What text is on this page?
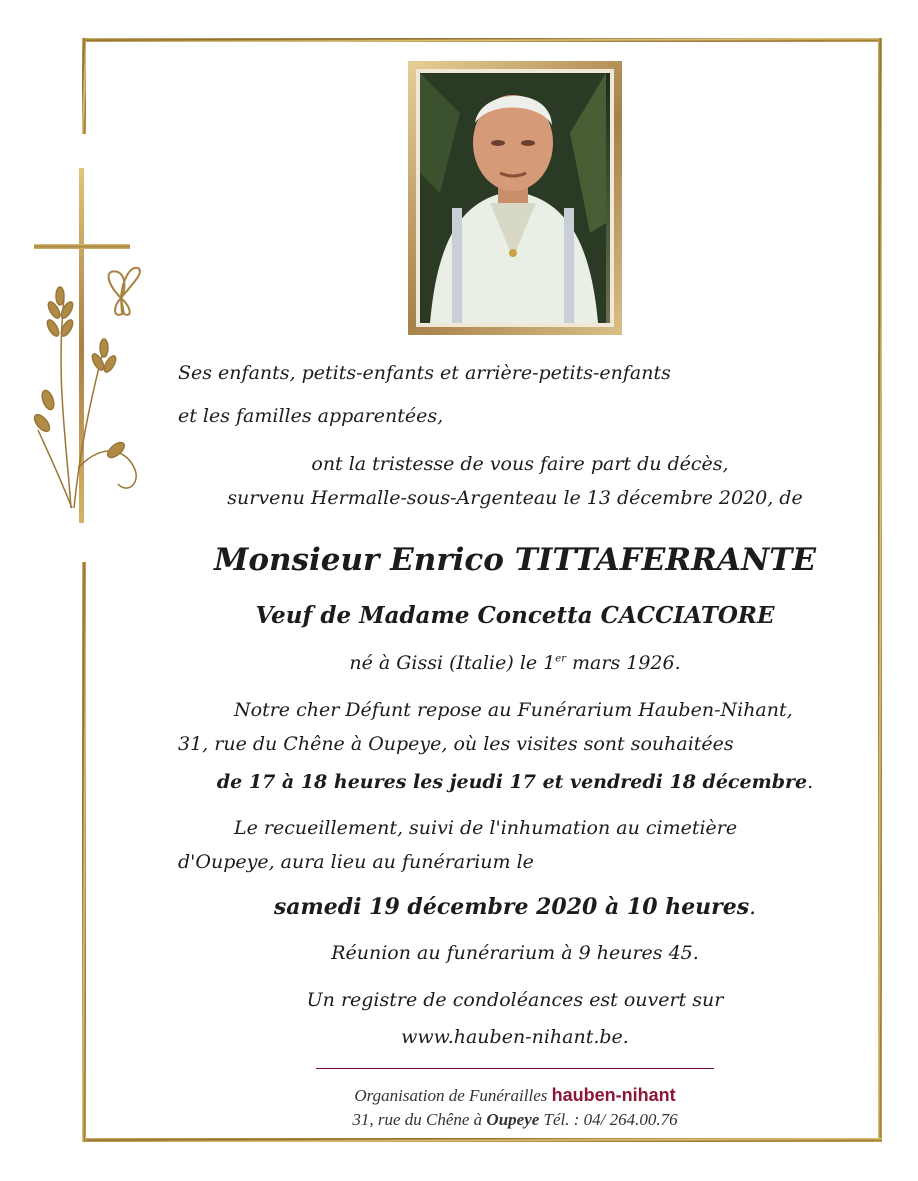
Ses enfants, petits-enfants et arrière-petits-enfants
et les familles apparentées,
ont la tristesse de vous faire part du décès,
survenu Hermalle-sous-Argenteau le 13 décembre 2020, de
Monsieur Enrico TITTAFERRANTE
Veuf de Madame Concetta CACCIATORE
né à Gissi (Italie) le 1er mars 1926.
Notre cher Défunt repose au Funérarium Hauben-Nihant,
31, rue du Chêne à Oupeye, où les visites sont souhaitées
de 17 à 18 heures les jeudi 17 et vendredi 18 décembre.
Le recueillement, suivi de l'inhumation au cimetière
d'Oupeye, aura lieu au funérarium le
samedi 19 décembre 2020 à 10 heures.
Réunion au funérarium à 9 heures 45.
Un registre de condoléances est ouvert sur
www.hauben-nihant.be.
Organisation de Funérailles hauben-nihant
31, rue du Chêne à Oupeye Tél. : 04/ 264.00.76
